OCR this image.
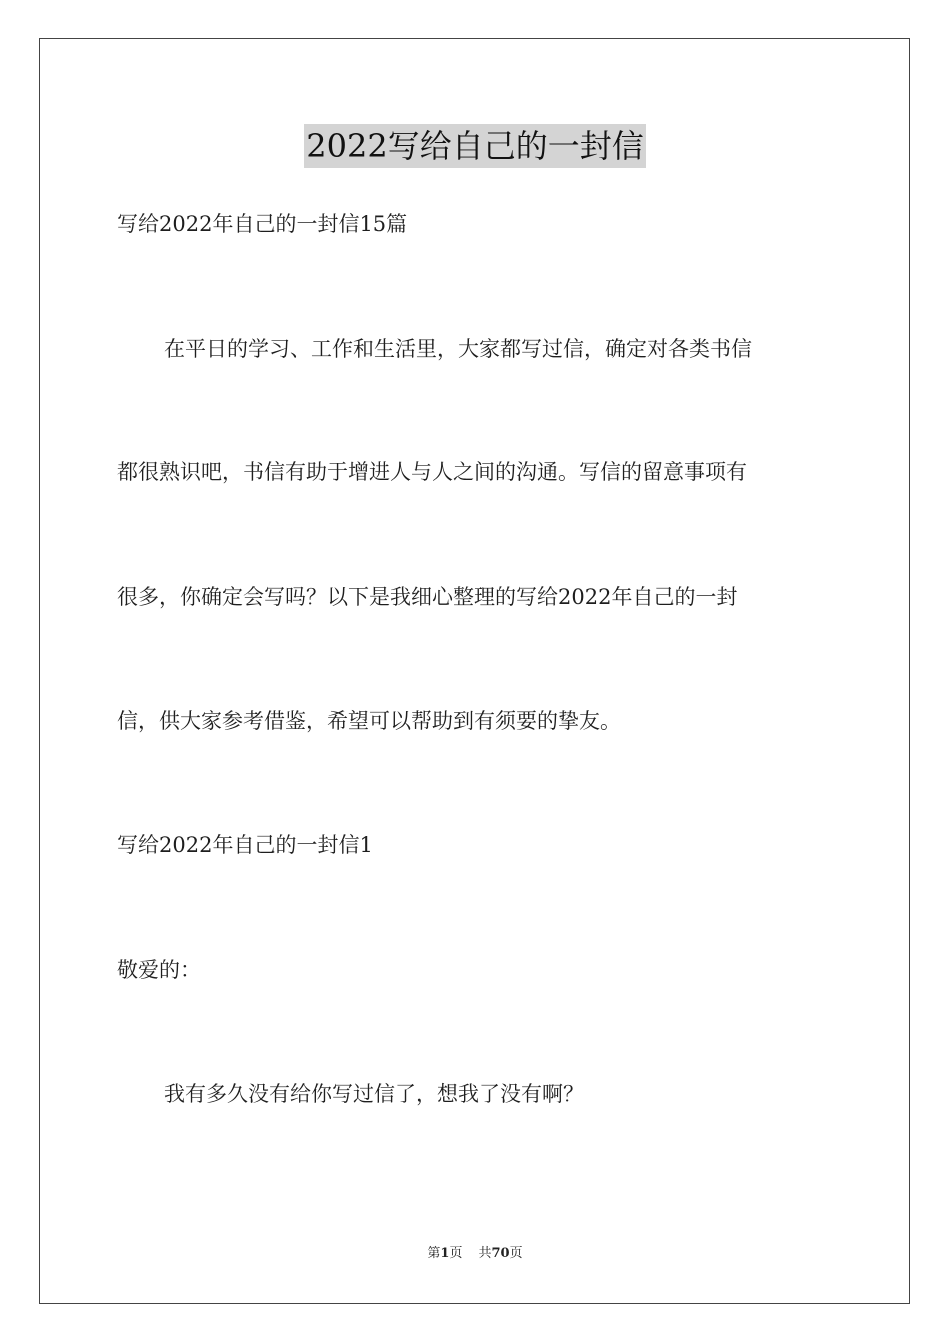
2022写给自己的一封信
写给2022年自己的一封信15篇
在平日的学习、工作和生活里，大家都写过信，确定对各类书信
都很熟识吧，书信有助于增进人与人之间的沟通。写信的留意事项有
很多，你确定会写吗？以下是我细心整理的写给2022年自己的一封
信，供大家参考借鉴，希望可以帮助到有须要的挚友。
写给2022年自己的一封信1
敬爱的：
我有多久没有给你写过信了，想我了没有啊？
第1页 共70页
